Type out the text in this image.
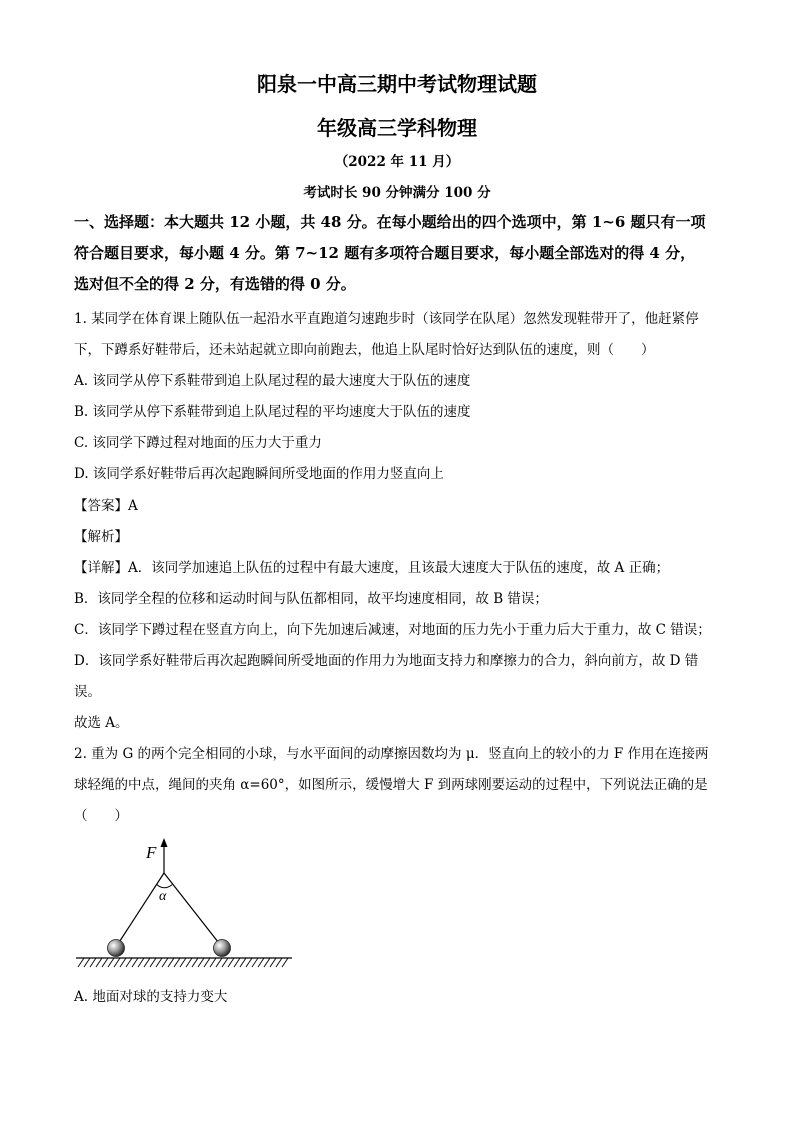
阳泉一中高三期中考试物理试题
年级高三学科物理
（2022 年 11 月）
考试时长 90 分钟满分 100 分
一、选择题：本大题共 12 小题，共 48 分。在每小题给出的四个选项中，第 1~6 题只有一项
符合题目要求，每小题 4 分。第 7~12 题有多项符合题目要求，每小题全部选对的得 4 分，
选对但不全的得 2 分，有选错的得 0 分。
1. 某同学在体育课上随队伍一起沿水平直跑道匀速跑步时（该同学在队尾）忽然发现鞋带开了，他赶紧停
下，下蹲系好鞋带后，还未站起就立即向前跑去，他追上队尾时恰好达到队伍的速度，则（　　）
A. 该同学从停下系鞋带到追上队尾过程的最大速度大于队伍的速度
B. 该同学从停下系鞋带到追上队尾过程的平均速度大于队伍的速度
C. 该同学下蹲过程对地面的压力大于重力
D. 该同学系好鞋带后再次起跑瞬间所受地面的作用力竖直向上
【答案】A
【解析】
【详解】A．该同学加速追上队伍的过程中有最大速度，且该最大速度大于队伍的速度，故 A 正确；
B．该同学全程的位移和运动时间与队伍都相同，故平均速度相同，故 B 错误；
C．该同学下蹲过程在竖直方向上，向下先加速后减速，对地面的压力先小于重力后大于重力，故 C 错误；
D．该同学系好鞋带后再次起跑瞬间所受地面的作用力为地面支持力和摩擦力的合力，斜向前方，故 D 错
误。
故选 A。
2. 重为 G 的两个完全相同的小球，与水平面间的动摩擦因数均为 μ．竖直向上的较小的力 F 作用在连接两
球轻绳的中点，绳间的夹角 α=60°，如图所示，缓慢增大 F 到两球刚要运动的过程中，下列说法正确的是
（　　）
F
α
A. 地面对球的支持力变大
